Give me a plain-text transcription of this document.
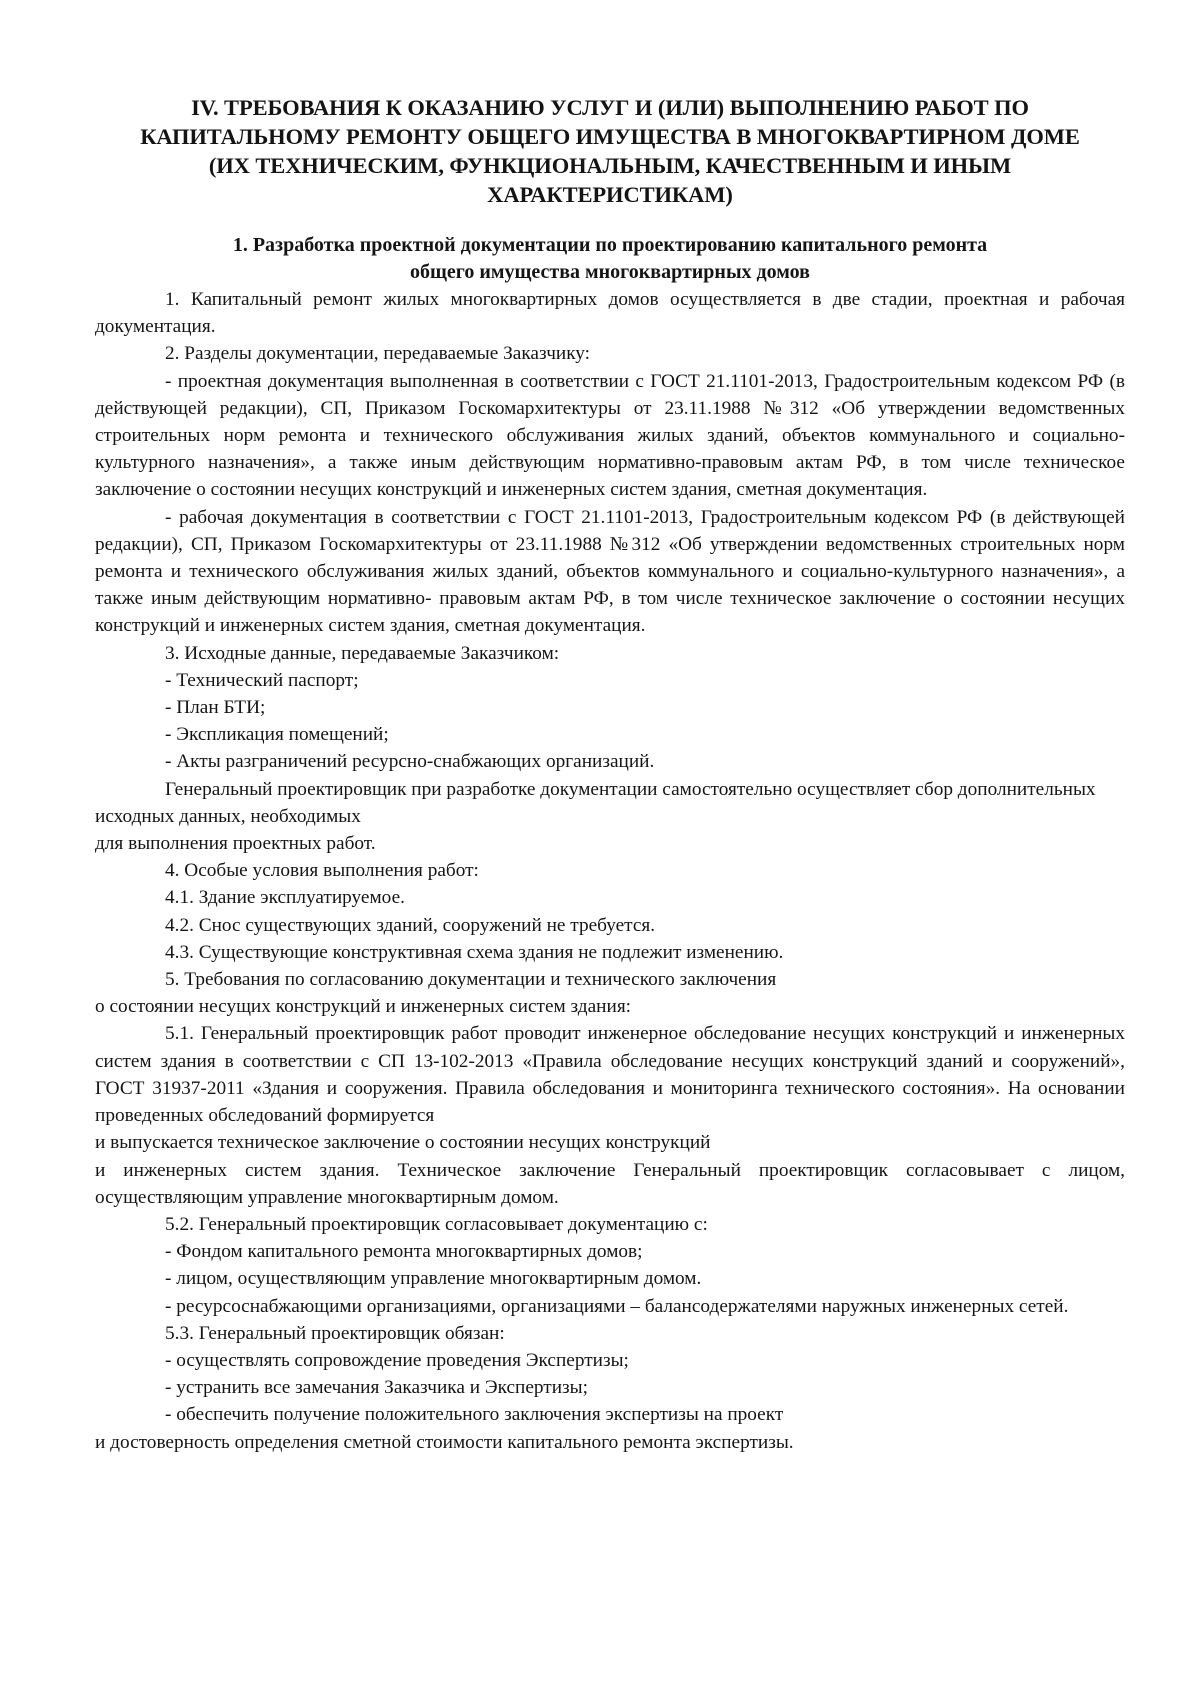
IV. ТРЕБОВАНИЯ К ОКАЗАНИЮ УСЛУГ И (ИЛИ) ВЫПОЛНЕНИЮ РАБОТ ПО
КАПИТАЛЬНОМУ РЕМОНТУ ОБЩЕГО ИМУЩЕСТВА В МНОГОКВАРТИРНОМ ДОМЕ
(ИХ ТЕХНИЧЕСКИМ, ФУНКЦИОНАЛЬНЫМ, КАЧЕСТВЕННЫМ И ИНЫМ
ХАРАКТЕРИСТИКАМ)
1. Разработка проектной документации по проектированию капитального ремонта
общего имущества многоквартирных домов

1. Капитальный ремонт жилых многоквартирных домов осуществляется в две стадии, проектная и рабочая документация.

2. Разделы документации, передаваемые Заказчику:

- проектная документация выполненная в соответствии с ГОСТ 21.1101-2013, Градостроительным кодексом РФ (в действующей редакции), СП, Приказом Госкомархитектуры от 23.11.1988 №312 «Об утверждении ведомственных строительных норм ремонта и технического обслуживания жилых зданий, объектов коммунального и социально-культурного назначения», а также иным действующим нормативно-правовым актам РФ, в том числе техническое заключение о состоянии несущих конструкций и инженерных систем здания, сметная документация.

- рабочая документация в соответствии с ГОСТ 21.1101-2013, Градостроительным кодексом РФ (в действующей редакции), СП, Приказом Госкомархитектуры от 23.11.1988 №312 «Об утверждении ведомственных строительных норм ремонта и технического обслуживания жилых зданий, объектов коммунального и социально-культурного назначения», а также иным действующим нормативно- правовым актам РФ, в том числе техническое заключение о состоянии несущих конструкций и инженерных систем здания, сметная документация.

3. Исходные данные, передаваемые Заказчиком:

- Технический паспорт;

- План БТИ;

- Экспликация помещений;

- Акты разграничений ресурсно-снабжающих организаций.

Генеральный проектировщик при разработке документации самостоятельно осуществляет сбор дополнительных исходных данных, необходимых

для выполнения проектных работ.

4. Особые условия выполнения работ:

4.1. Здание эксплуатируемое.

4.2. Снос существующих зданий, сооружений не требуется.

4.3. Существующие конструктивная схема здания не подлежит изменению.

5. Требования по согласованию документации и технического заключения

о состоянии несущих конструкций и инженерных систем здания:

5.1. Генеральный проектировщик работ проводит инженерное обследование несущих конструкций и инженерных систем здания в соответствии с СП 13-102-2013 «Правила обследование несущих конструкций зданий и сооружений», ГОСТ 31937-2011 «Здания и сооружения. Правила обследования и мониторинга технического состояния». На основании проведенных обследований формируется

и выпускается техническое заключение о состоянии несущих конструкций

и инженерных систем здания. Техническое заключение Генеральный проектировщик согласовывает с лицом, осуществляющим управление многоквартирным домом.

5.2. Генеральный проектировщик согласовывает документацию с:

- Фондом капитального ремонта многоквартирных домов;

- лицом, осуществляющим управление многоквартирным домом.

- ресурсоснабжающими организациями, организациями – балансодержателями наружных инженерных сетей.

5.3. Генеральный проектировщик обязан:

- осуществлять сопровождение проведения Экспертизы;

- устранить все замечания Заказчика и Экспертизы;

- обеспечить получение положительного заключения экспертизы на проект

и достоверность определения сметной стоимости капитального ремонта экспертизы.
